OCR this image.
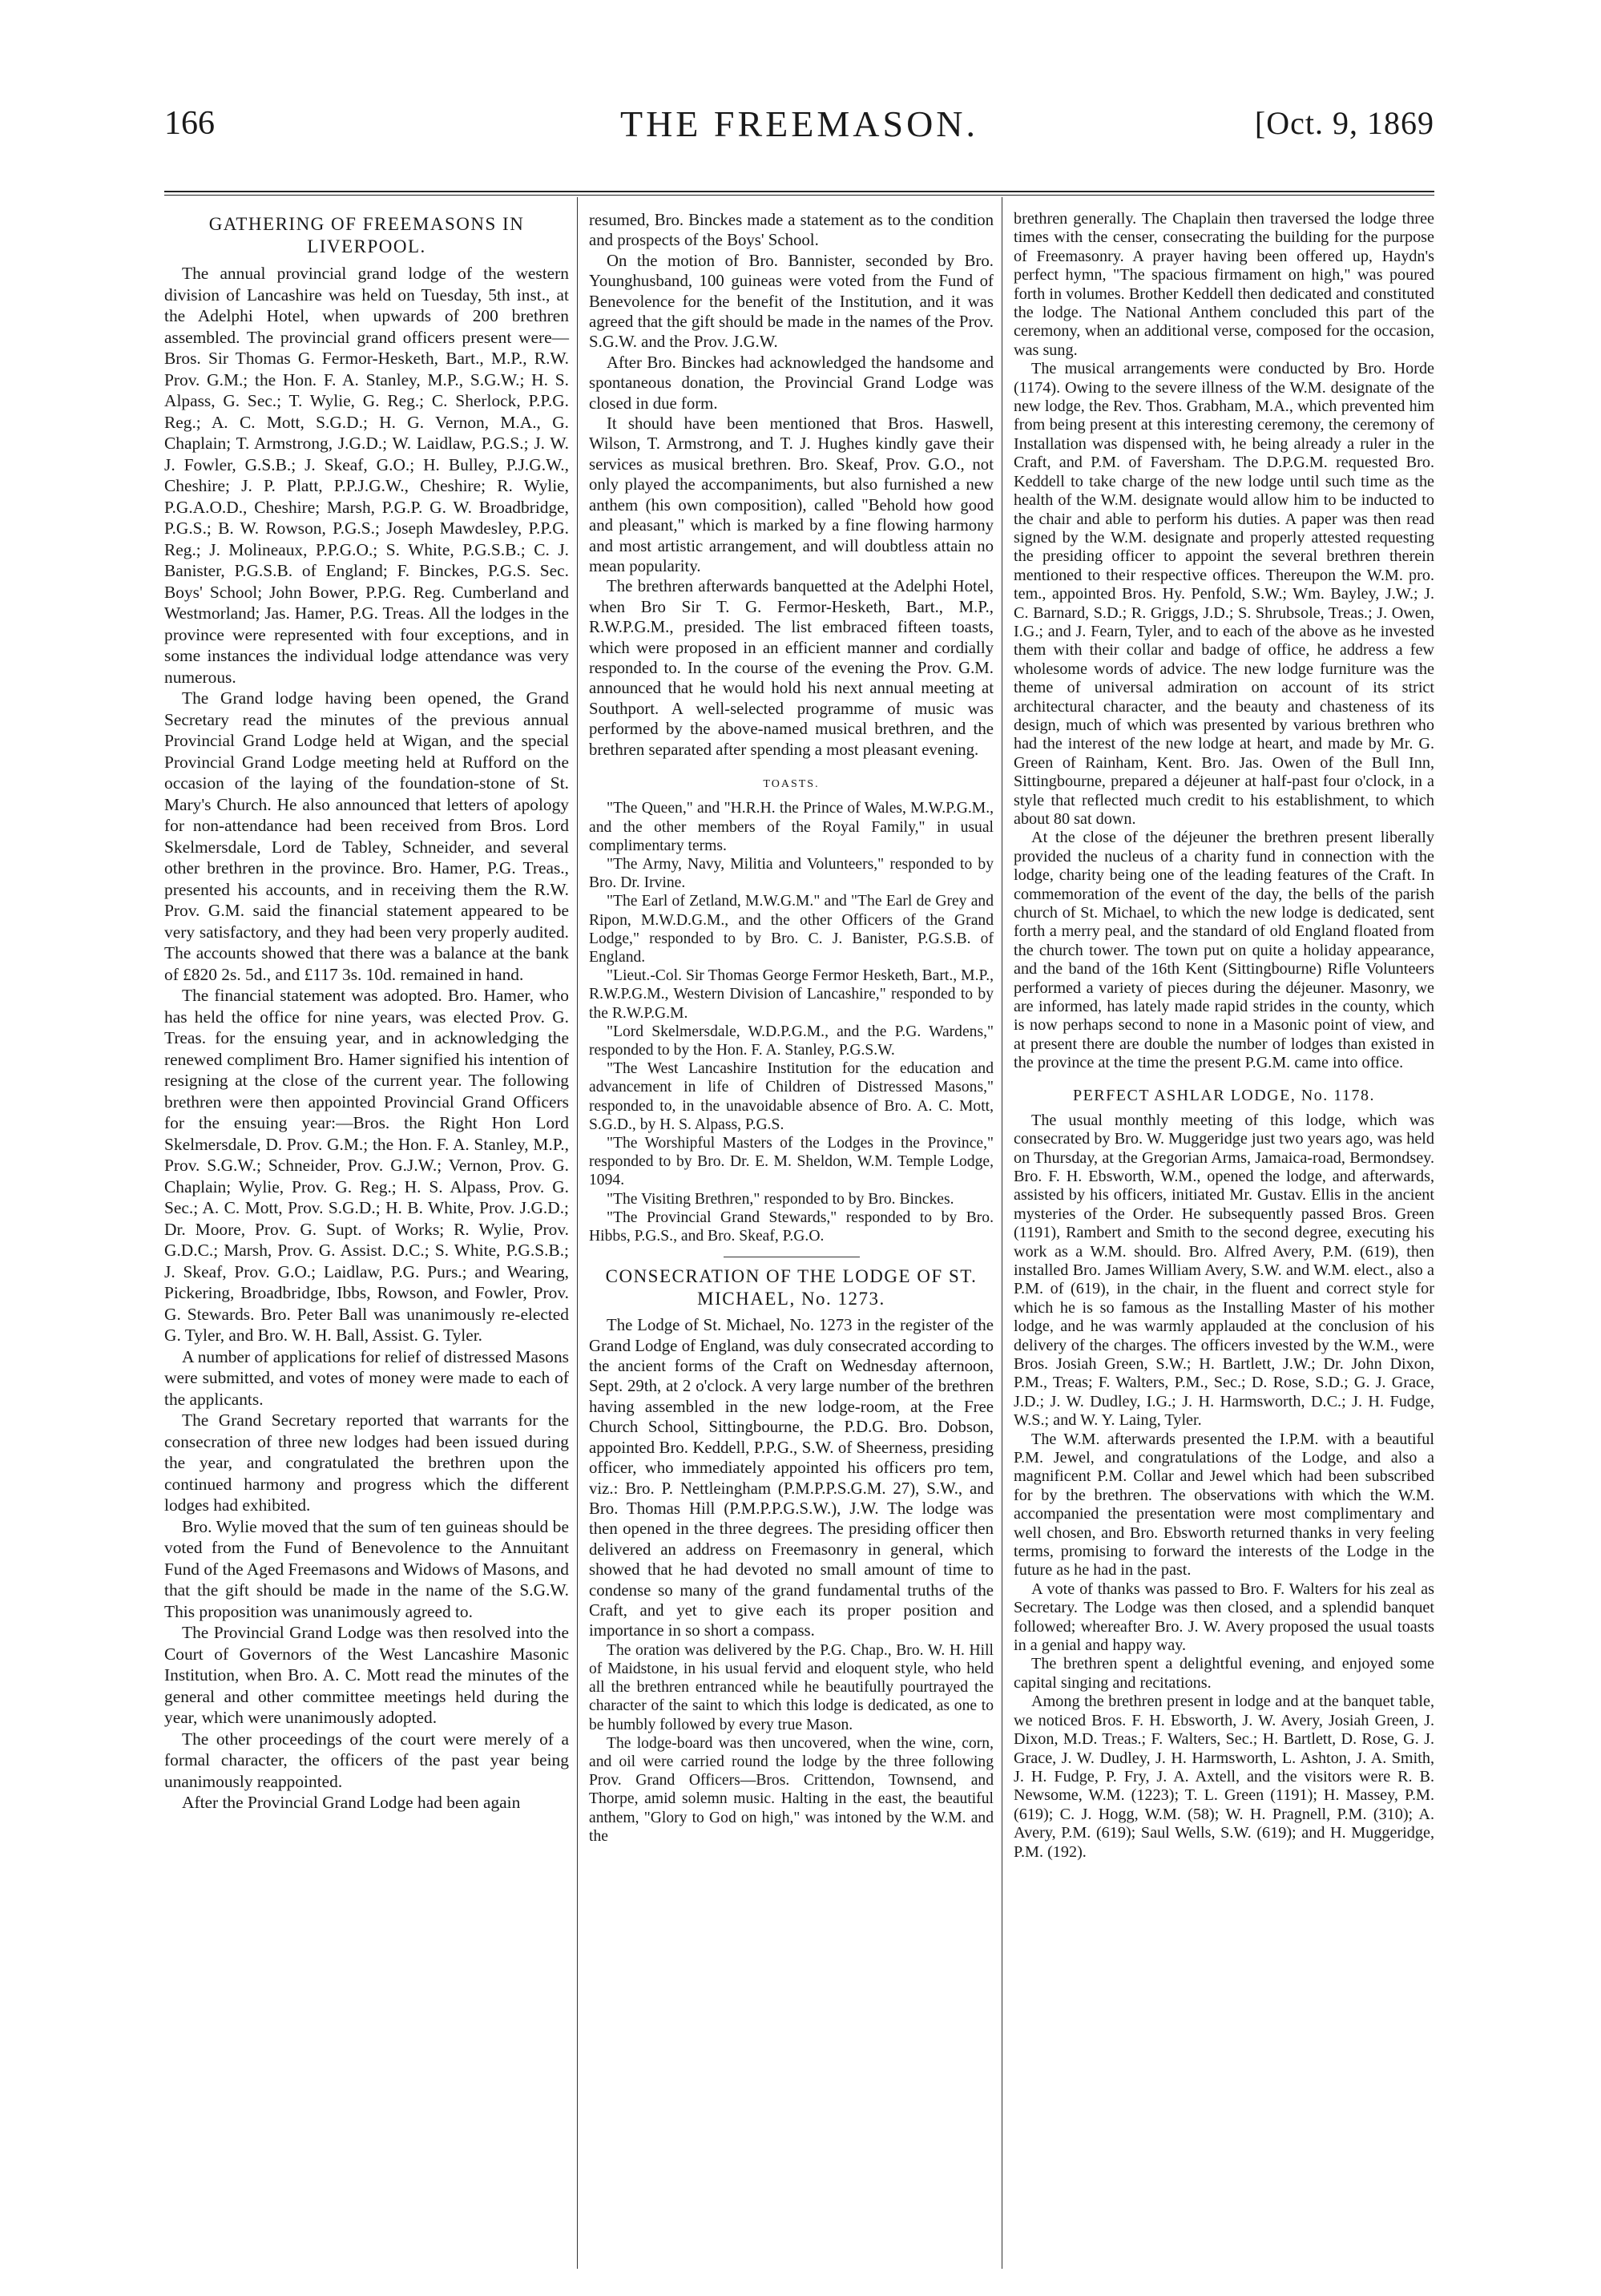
166	THE FREEMASON.	[Oct. 9, 1869
GATHERING OF FREEMASONS IN LIVERPOOL.

The annual provincial grand lodge of the western division of Lancashire was held on Tuesday, 5th inst., at the Adelphi Hotel, when upwards of 200 brethren assembled. The provincial grand officers present were—Bros. Sir Thomas G. Fermor-Hesketh, Bart., M.P., R.W. Prov. G.M.; the Hon. F. A. Stanley, M.P., S.G.W.; H. S. Alpass, G. Sec.; T. Wylie, G. Reg.; C. Sherlock, P.P.G. Reg.; A. C. Mott, S.G.D.; H. G. Vernon, M.A., G. Chaplain; T. Armstrong, J.G.D.; W. Laidlaw, P.G.S.; J. W. J. Fowler, G.S.B.; J. Skeaf, G.O.; H. Bulley, P.J.G.W., Cheshire; J. P. Platt, P.P.J.G.W., Cheshire; R. Wylie, P.G.A.O.D., Cheshire; Marsh, P.G.P. G. W. Broadbridge, P.G.S.; B. W. Rowson, P.G.S.; Joseph Mawdesley, P.P.G. Reg.; J. Molineaux, P.P.G.O.; S. White, P.G.S.B.; C. J. Banister, P.G.S.B. of England; F. Binckes, P.G.S. Sec. Boys' School; John Bower, P.P.G. Reg. Cumberland and Westmorland; Jas. Hamer, P.G. Treas. All the lodges in the province were represented with four exceptions, and in some instances the individual lodge attendance was very numerous.

The Grand lodge having been opened, the Grand Secretary read the minutes of the previous annual Provincial Grand Lodge held at Wigan, and the special Provincial Grand Lodge meeting held at Rufford on the occasion of the laying of the foundation-stone of St. Mary's Church. He also announced that letters of apology for non-attendance had been received from Bros. Lord Skelmersdale, Lord de Tabley, Schneider, and several other brethren in the province. Bro. Hamer, P.G. Treas., presented his accounts, and in receiving them the R.W. Prov. G.M. said the financial statement appeared to be very satisfactory, and they had been very properly audited. The accounts showed that there was a balance at the bank of £820 2s. 5d., and £117 3s. 10d. remained in hand.

The financial statement was adopted. Bro. Hamer, who has held the office for nine years, was elected Prov. G. Treas. for the ensuing year, and in acknowledging the renewed compliment Bro. Hamer signified his intention of resigning at the close of the current year. The following brethren were then appointed Provincial Grand Officers for the ensuing year:—Bros. the Right Hon Lord Skelmersdale, D. Prov. G.M.; the Hon. F. A. Stanley, M.P., Prov. S.G.W.; Schneider, Prov. G.J.W.; Vernon, Prov. G. Chaplain; Wylie, Prov. G. Reg.; H. S. Alpass, Prov. G. Sec.; A. C. Mott, Prov. S.G.D.; H. B. White, Prov. J.G.D.; Dr. Moore, Prov. G. Supt. of Works; R. Wylie, Prov. G.D.C.; Marsh, Prov. G. Assist. D.C.; S. White, P.G.S.B.; J. Skeaf, Prov. G.O.; Laidlaw, P.G. Purs.; and Wearing, Pickering, Broadbridge, Ibbs, Rowson, and Fowler, Prov. G. Stewards. Bro. Peter Ball was unanimously re-elected G. Tyler, and Bro. W. H. Ball, Assist. G. Tyler.

A number of applications for relief of distressed Masons were submitted, and votes of money were made to each of the applicants.

The Grand Secretary reported that warrants for the consecration of three new lodges had been issued during the year, and congratulated the brethren upon the continued harmony and progress which the different lodges had exhibited.

Bro. Wylie moved that the sum of ten guineas should be voted from the Fund of Benevolence to the Annuitant Fund of the Aged Freemasons and Widows of Masons, and that the gift should be made in the name of the S.G.W. This proposition was unanimously agreed to.

The Provincial Grand Lodge was then resolved into the Court of Governors of the West Lancashire Masonic Institution, when Bro. A. C. Mott read the minutes of the general and other committee meetings held during the year, which were unanimously adopted.

The other proceedings of the court were merely of a formal character, the officers of the past year being unanimously reappointed.

After the Provincial Grand Lodge had been again

resumed, Bro. Binckes made a statement as to the condition and prospects of the Boys' School.

On the motion of Bro. Bannister, seconded by Bro. Younghusband, 100 guineas were voted from the Fund of Benevolence for the benefit of the Institution, and it was agreed that the gift should be made in the names of the Prov. S.G.W. and the Prov. J.G.W.

After Bro. Binckes had acknowledged the handsome and spontaneous donation, the Provincial Grand Lodge was closed in due form.

It should have been mentioned that Bros. Haswell, Wilson, T. Armstrong, and T. J. Hughes kindly gave their services as musical brethren. Bro. Skeaf, Prov. G.O., not only played the accompaniments, but also furnished a new anthem (his own composition), called "Behold how good and pleasant," which is marked by a fine flowing harmony and most artistic arrangement, and will doubtless attain no mean popularity.

The brethren afterwards banquetted at the Adelphi Hotel, when Bro Sir T. G. Fermor-Hesketh, Bart., M.P., R.W.P.G.M., presided. The list embraced fifteen toasts, which were proposed in an efficient manner and cordially responded to. In the course of the evening the Prov. G.M. announced that he would hold his next annual meeting at Southport. A well-selected programme of music was performed by the above-named musical brethren, and the brethren separated after spending a most pleasant evening.

TOASTS.

"The Queen," and "H.R.H. the Prince of Wales, M.W.P.G.M., and the other members of the Royal Family," in usual complimentary terms.

"The Army, Navy, Militia and Volunteers," responded to by Bro. Dr. Irvine.

"The Earl of Zetland, M.W.G.M." and "The Earl de Grey and Ripon, M.W.D.G.M., and the other Officers of the Grand Lodge," responded to by Bro. C. J. Banister, P.G.S.B. of England.

"Lieut.-Col. Sir Thomas George Fermor Hesketh, Bart., M.P., R.W.P.G.M., Western Division of Lancashire," responded to by the R.W.P.G.M.

"Lord Skelmersdale, W.D.P.G.M., and the P.G. Wardens," responded to by the Hon. F. A. Stanley, P.G.S.W.

"The West Lancashire Institution for the education and advancement in life of Children of Distressed Masons," responded to, in the unavoidable absence of Bro. A. C. Mott, S.G.D., by H. S. Alpass, P.G.S.

"The Worshipful Masters of the Lodges in the Province," responded to by Bro. Dr. E. M. Sheldon, W.M. Temple Lodge, 1094.

"The Visiting Brethren," responded to by Bro. Binckes.

"The Provincial Grand Stewards," responded to by Bro. Hibbs, P.G.S., and Bro. Skeaf, P.G.O.

CONSECRATION OF THE LODGE OF ST. MICHAEL, No. 1273.

The Lodge of St. Michael, No. 1273 in the register of the Grand Lodge of England, was duly consecrated according to the ancient forms of the Craft on Wednesday afternoon, Sept. 29th, at 2 o'clock. A very large number of the brethren having assembled in the new lodge-room, at the Free Church School, Sittingbourne, the P.D.G. Bro. Dobson, appointed Bro. Keddell, P.P.G., S.W. of Sheerness, presiding officer, who immediately appointed his officers pro tem, viz.: Bro. P. Nettleingham (P.M.P.P.S.G.M. 27), S.W., and Bro. Thomas Hill (P.M.P.P.G.S.W.), J.W. The lodge was then opened in the three degrees. The presiding officer then delivered an address on Freemasonry in general, which showed that he had devoted no small amount of time to condense so many of the grand fundamental truths of the Craft, and yet to give each its proper position and importance in so short a compass.

The oration was delivered by the P.G. Chap., Bro. W. H. Hill of Maidstone, in his usual fervid and eloquent style, who held all the brethren entranced while he beautifully pourtrayed the character of the saint to which this lodge is dedicated, as one to be humbly followed by every true Mason.

The lodge-board was then uncovered, when the wine, corn, and oil were carried round the lodge by the three following Prov. Grand Officers—Bros. Crittendon, Townsend, and Thorpe, amid solemn music. Halting in the east, the beautiful anthem, "Glory to God on high," was intoned by the W.M. and the

brethren generally. The Chaplain then traversed the lodge three times with the censer, consecrating the building for the purpose of Freemasonry. A prayer having been offered up, Haydn's perfect hymn, "The spacious firmament on high," was poured forth in volumes. Brother Keddell then dedicated and constituted the lodge. The National Anthem concluded this part of the ceremony, when an additional verse, composed for the occasion, was sung.

The musical arrangements were conducted by Bro. Horde (1174). Owing to the severe illness of the W.M. designate of the new lodge, the Rev. Thos. Grabham, M.A., which prevented him from being present at this interesting ceremony, the ceremony of Installation was dispensed with, he being already a ruler in the Craft, and P.M. of Faversham. The D.P.G.M. requested Bro. Keddell to take charge of the new lodge until such time as the health of the W.M. designate would allow him to be inducted to the chair and able to perform his duties. A paper was then read signed by the W.M. designate and properly attested requesting the presiding officer to appoint the several brethren therein mentioned to their respective offices. Thereupon the W.M. pro. tem., appointed Bros. Hy. Penfold, S.W.; Wm. Bayley, J.W.; J. C. Barnard, S.D.; R. Griggs, J.D.; S. Shrubsole, Treas.; J. Owen, I.G.; and J. Fearn, Tyler, and to each of the above as he invested them with their collar and badge of office, he address a few wholesome words of advice. The new lodge furniture was the theme of universal admiration on account of its strict architectural character, and the beauty and chasteness of its design, much of which was presented by various brethren who had the interest of the new lodge at heart, and made by Mr. G. Green of Rainham, Kent. Bro. Jas. Owen of the Bull Inn, Sittingbourne, prepared a déjeuner at half-past four o'clock, in a style that reflected much credit to his establishment, to which about 80 sat down.

At the close of the déjeuner the brethren present liberally provided the nucleus of a charity fund in connection with the lodge, charity being one of the leading features of the Craft. In commemoration of the event of the day, the bells of the parish church of St. Michael, to which the new lodge is dedicated, sent forth a merry peal, and the standard of old England floated from the church tower. The town put on quite a holiday appearance, and the band of the 16th Kent (Sittingbourne) Rifle Volunteers performed a variety of pieces during the déjeuner. Masonry, we are informed, has lately made rapid strides in the county, which is now perhaps second to none in a Masonic point of view, and at present there are double the number of lodges than existed in the province at the time the present P.G.M. came into office.

PERFECT ASHLAR LODGE, No. 1178.

The usual monthly meeting of this lodge, which was consecrated by Bro. W. Muggeridge just two years ago, was held on Thursday, at the Gregorian Arms, Jamaica-road, Bermondsey. Bro. F. H. Ebsworth, W.M., opened the lodge, and afterwards, assisted by his officers, initiated Mr. Gustav. Ellis in the ancient mysteries of the Order. He subsequently passed Bros. Green (1191), Rambert and Smith to the second degree, executing his work as a W.M. should. Bro. Alfred Avery, P.M. (619), then installed Bro. James William Avery, S.W. and W.M. elect., also a P.M. of (619), in the chair, in the fluent and correct style for which he is so famous as the Installing Master of his mother lodge, and he was warmly applauded at the conclusion of his delivery of the charges. The officers invested by the W.M., were Bros. Josiah Green, S.W.; H. Bartlett, J.W.; Dr. John Dixon, P.M., Treas; F. Walters, P.M., Sec.; D. Rose, S.D.; G. J. Grace, J.D.; J. W. Dudley, I.G.; J. H. Harmsworth, D.C.; J. H. Fudge, W.S.; and W. Y. Laing, Tyler.

The W.M. afterwards presented the I.P.M. with a beautiful P.M. Jewel, and congratulations of the Lodge, and also a magnificent P.M. Collar and Jewel which had been subscribed for by the brethren. The observations with which the W.M. accompanied the presentation were most complimentary and well chosen, and Bro. Ebsworth returned thanks in very feeling terms, promising to forward the interests of the Lodge in the future as he had in the past.

A vote of thanks was passed to Bro. F. Walters for his zeal as Secretary. The Lodge was then closed, and a splendid banquet followed; whereafter Bro. J. W. Avery proposed the usual toasts in a genial and happy way.

The brethren spent a delightful evening, and enjoyed some capital singing and recitations.

Among the brethren present in lodge and at the banquet table, we noticed Bros. F. H. Ebsworth, J. W. Avery, Josiah Green, J. Dixon, M.D. Treas.; F. Walters, Sec.; H. Bartlett, D. Rose, G. J. Grace, J. W. Dudley, J. H. Harmsworth, L. Ashton, J. A. Smith, J. H. Fudge, P. Fry, J. A. Axtell, and the visitors were R. B. Newsome, W.M. (1223); T. L. Green (1191); H. Massey, P.M. (619); C. J. Hogg, W.M. (58); W. H. Pragnell, P.M. (310); A. Avery, P.M. (619); Saul Wells, S.W. (619); and H. Muggeridge, P.M. (192).
